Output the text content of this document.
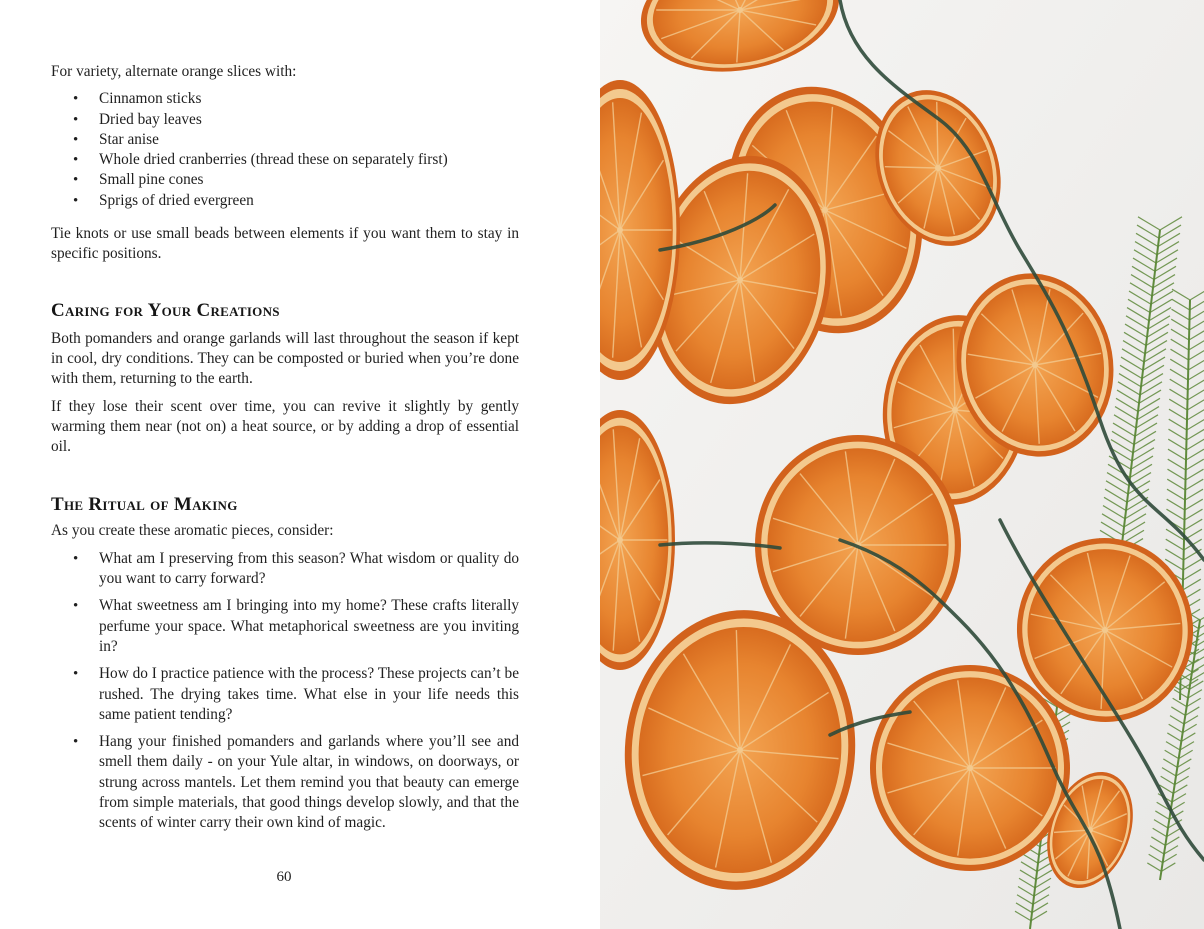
For variety, alternate orange slices with:

• Cinnamon sticks
• Dried bay leaves
• Star anise
• Whole dried cranberries (thread these on separately first)
• Small pine cones
• Sprigs of dried evergreen

Tie knots or use small beads between elements if you want them to stay in specific positions.

Caring for Your Creations

Both pomanders and orange garlands will last throughout the season if kept in cool, dry conditions. They can be composted or buried when you’re done with them, returning to the earth.

If they lose their scent over time, you can revive it slightly by gently warming them near (not on) a heat source, or by adding a drop of essential oil.

The Ritual of Making

As you create these aromatic pieces, consider:

• What am I preserving from this season? What wisdom or quality do you want to carry forward?
• What sweetness am I bringing into my home? These crafts literally perfume your space. What metaphorical sweetness are you inviting in?
• How do I practice patience with the process? These projects can’t be rushed. The drying takes time. What else in your life needs this same patient tending?
• Hang your finished pomanders and garlands where you’ll see and smell them daily - on your Yule altar, in windows, on doorways, or strung across mantels. Let them remind you that beauty can emerge from simple materials, that good things develop slowly, and that the scents of winter carry their own kind of magic.
60
